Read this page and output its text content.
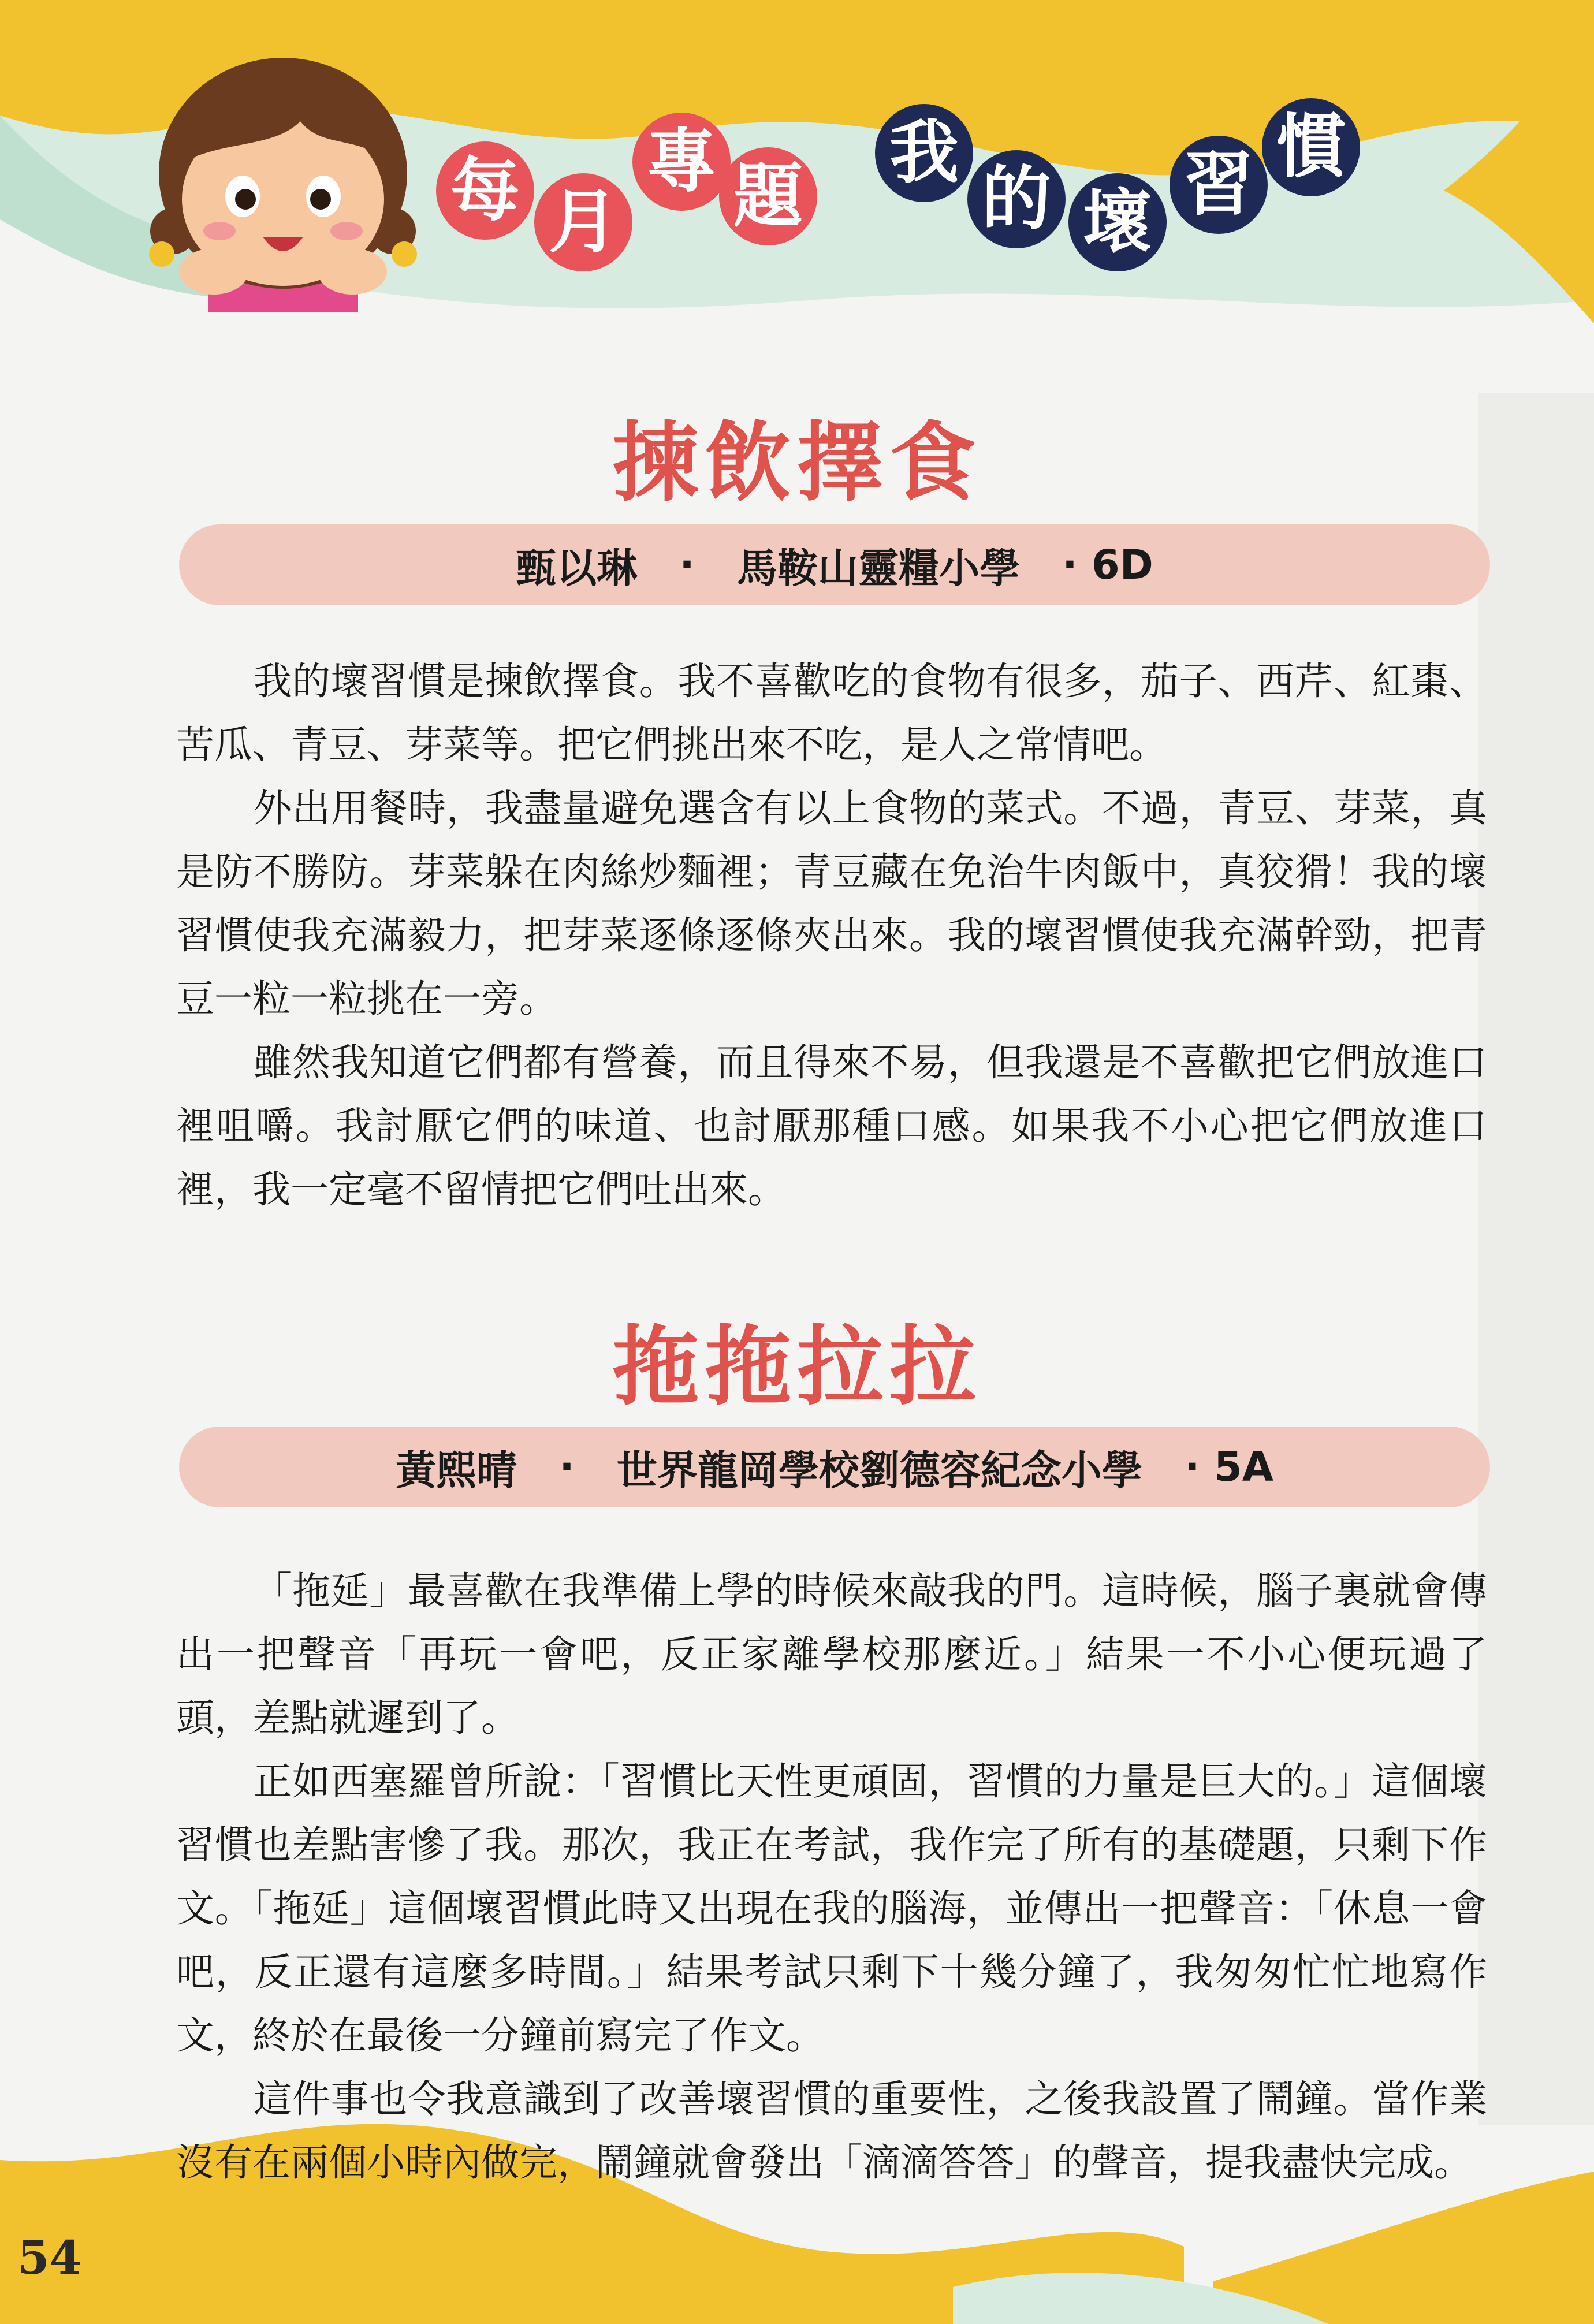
每 月
專 題
我
的 壞 習 慣
揀飲擇食
甄以琳 · 馬鞍山靈糧小學 · 6D

我的壞習慣是揀飲擇食。我不喜歡吃的食物有很多，茄子、西芹、紅棗、苦瓜、青豆、芽菜等。把它們挑出來不吃，是人之常情吧。

外出用餐時，我盡量避免選含有以上食物的菜式。不過，青豆、芽菜，真是防不勝防。芽菜躲在肉絲炒麵裡；青豆藏在免治牛肉飯中，真狡猾！我的壞習慣使我充滿毅力，把芽菜逐條逐條夾出來。我的壞習慣使我充滿幹勁，把青豆一粒一粒挑在一旁。

雖然我知道它們都有營養，而且得來不易，但我還是不喜歡把它們放進口裡咀嚼。我討厭它們的味道、也討厭那種口感。如果我不小心把它們放進口裡，我一定毫不留情把它們吐出來。

拖拖拉拉
黃熙晴 · 世界龍岡學校劉德容紀念小學 · 5A

「拖延」最喜歡在我準備上學的時候來敲我的門。這時候，腦子裏就會傳出一把聲音「再玩一會吧，反正家離學校那麼近。」結果一不小心便玩過了頭，差點就遲到了。

正如西塞羅曾所說：「習慣比天性更頑固，習慣的力量是巨大的。」這個壞習慣也差點害慘了我。那次，我正在考試，我作完了所有的基礎題，只剩下作文。「拖延」這個壞習慣此時又出現在我的腦海，並傳出一把聲音：「休息一會吧，反正還有這麼多時間。」結果考試只剩下十幾分鐘了，我匆匆忙忙地寫作文，終於在最後一分鐘前寫完了作文。

這件事也令我意識到了改善壞習慣的重要性，之後我設置了鬧鐘。當作業沒有在兩個小時內做完，鬧鐘就會發出「滴滴答答」的聲音，提我盡快完成。

54
